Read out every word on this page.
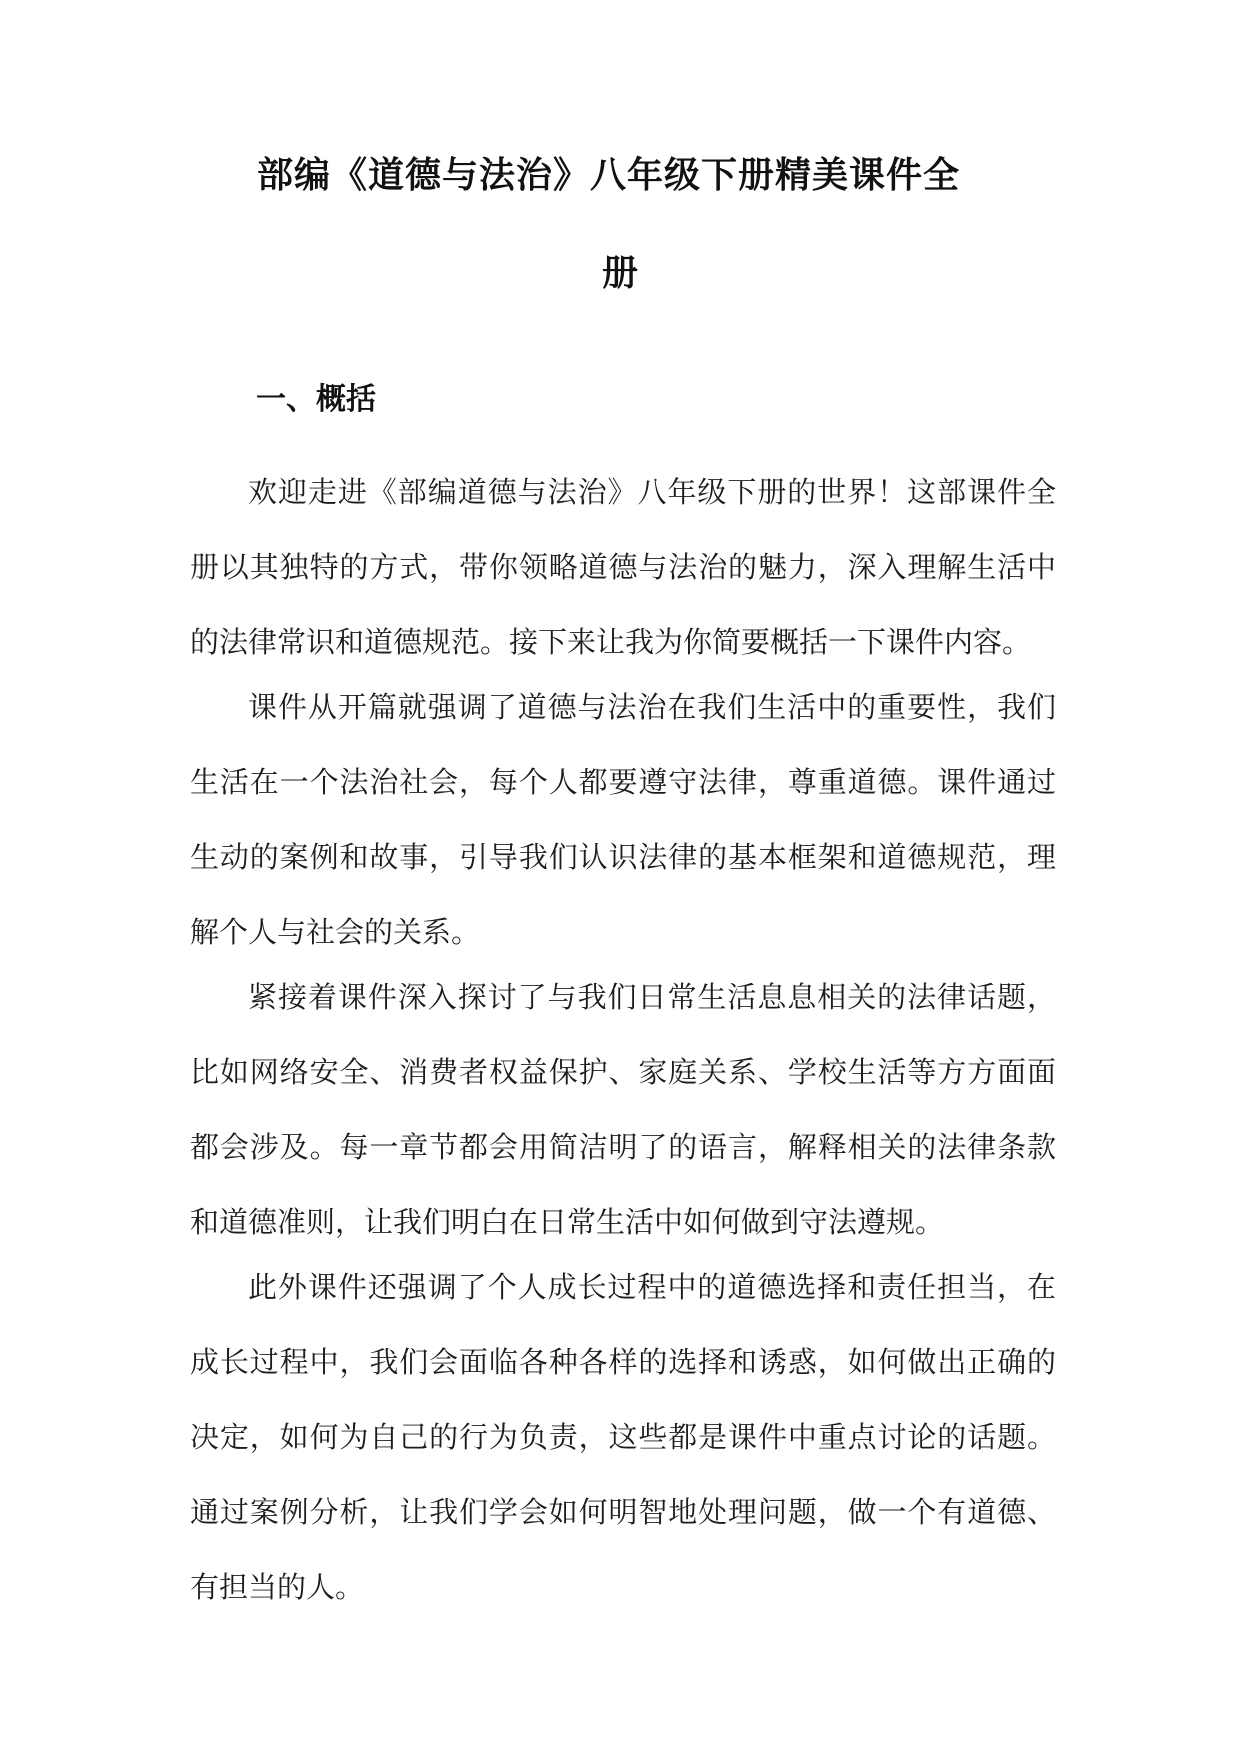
部编《道德与法治》八年级下册精美课件全
册
一、概括

欢迎走进《部编道德与法治》八年级下册的世界！这部课件全册以其独特的方式，带你领略道德与法治的魅力，深入理解生活中的法律常识和道德规范。接下来让我为你简要概括一下课件内容。

课件从开篇就强调了道德与法治在我们生活中的重要性，我们生活在一个法治社会，每个人都要遵守法律，尊重道德。课件通过生动的案例和故事，引导我们认识法律的基本框架和道德规范，理解个人与社会的关系。

紧接着课件深入探讨了与我们日常生活息息相关的法律话题，比如网络安全、消费者权益保护、家庭关系、学校生活等方方面面都会涉及。每一章节都会用简洁明了的语言，解释相关的法律条款和道德准则，让我们明白在日常生活中如何做到守法遵规。

此外课件还强调了个人成长过程中的道德选择和责任担当，在成长过程中，我们会面临各种各样的选择和诱惑，如何做出正确的决定，如何为自己的行为负责，这些都是课件中重点讨论的话题。通过案例分析，让我们学会如何明智地处理问题，做一个有道德、有担当的人。
